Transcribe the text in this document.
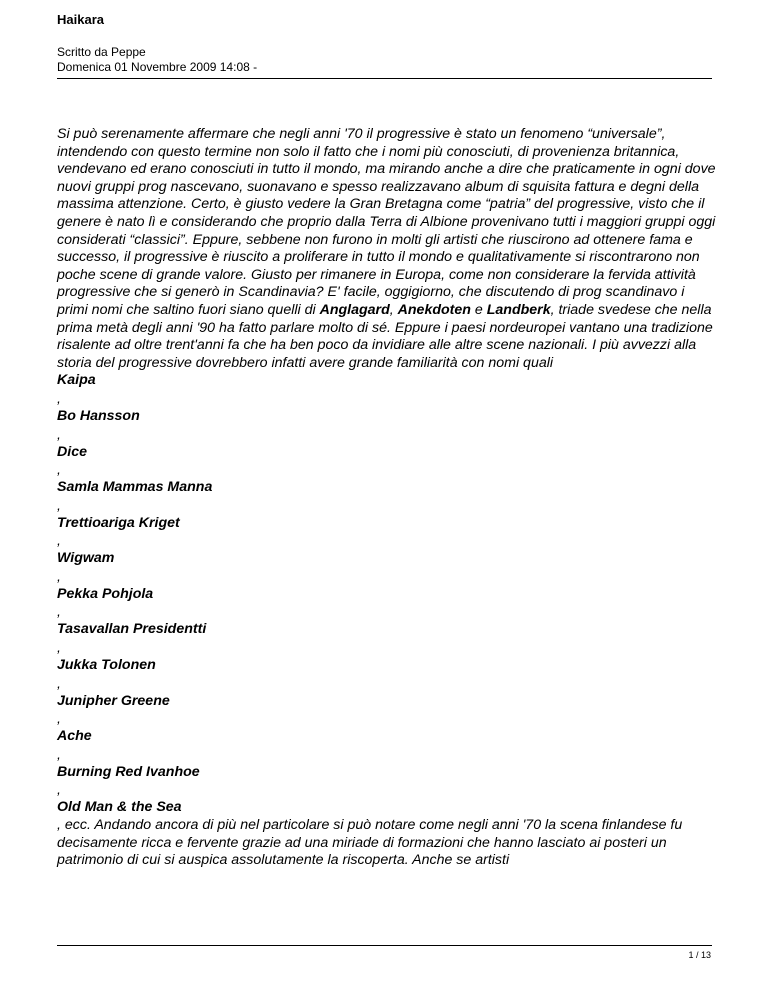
Haikara
Scritto da Peppe
Domenica 01 Novembre 2009 14:08 -

Si può serenamente affermare che negli anni '70 il progressive è stato un fenomeno “universale”, intendendo con questo termine non solo il fatto che i nomi più conosciuti, di provenienza britannica, vendevano ed erano conosciuti in tutto il mondo, ma mirando anche a dire che praticamente in ogni dove nuovi gruppi prog nascevano, suonavano e spesso realizzavano album di squisita fattura e degni della massima attenzione. Certo, è giusto vedere la Gran Bretagna come “patria” del progressive, visto che il genere è nato lì e considerando che proprio dalla Terra di Albione provenivano tutti i maggiori gruppi oggi considerati “classici”. Eppure, sebbene non furono in molti gli artisti che riuscirono ad ottenere fama e successo, il progressive è riuscito a proliferare in tutto il mondo e qualitativamente si riscontrarono non poche scene di grande valore. Giusto per rimanere in Europa, come non considerare la fervida attività progressive che si generò in Scandinavia? E' facile, oggigiorno, che discutendo di prog scandinavo i primi nomi che saltino fuori siano quelli di Anglagard, Anekdoten e Landberk, triade svedese che nella prima metà degli anni '90 ha fatto parlare molto di sé. Eppure i paesi nordeuropei vantano una tradizione risalente ad oltre trent'anni fa che ha ben poco da invidiare alle altre scene nazionali. I più avvezzi alla storia del progressive dovrebbero infatti avere grande familiarità con nomi quali

Kaipa
,
Bo Hansson
,
Dice
,
Samla Mammas Manna
,
Trettioariga Kriget
,
Wigwam
,
Pekka Pohjola
,
Tasavallan Presidentti
,
Jukka Tolonen
,
Junipher Greene
,
Ache
,
Burning Red Ivanhoe
,
Old Man & the Sea

, ecc. Andando ancora di più nel particolare si può notare come negli anni '70 la scena finlandese fu decisamente ricca e fervente grazie ad una miriade di formazioni che hanno lasciato ai posteri un patrimonio di cui si auspica assolutamente la riscoperta. Anche se artisti

1 / 13
